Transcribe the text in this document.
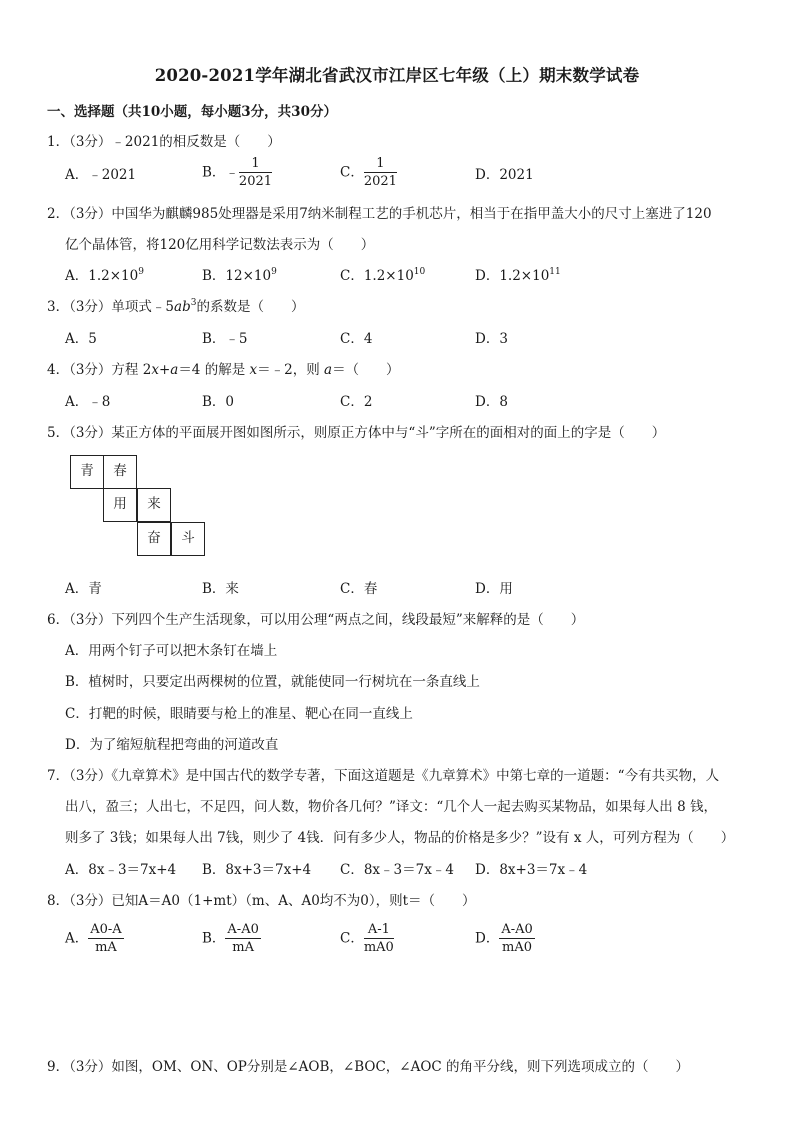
2020-2021学年湖北省武汉市江岸区七年级（上）期末数学试卷
一、选择题（共10小题，每小题3分，共30分）
1．（3分）﹣2021的相反数是（　　）
A．﹣2021	B．﹣ $\frac{1}{2021}$	C． $\frac{1}{2021}$	D．2021
2．（3分）中国华为麒麟985处理器是采用7纳米制程工艺的手机芯片，相当于在指甲盖大小的尺寸上塞进了120
亿个晶体管，将120亿用科学记数法表示为（　　）
A．$1.2\times 10^9$	B．$12\times 10^9$	C．$1.2\times 10^{10}$	D．$1.2\times 10^{11}$
3．（3分）单项式$﹣5ab^3$的系数是（　　）
A．5	B．﹣5	C．4	D．3
4．（3分）方程 2x+a＝4 的解是 x＝﹣2，则 a＝（　　）
A．﹣8	B．0	C．2	D．8
5．（3分）某正方体的平面展开图如图所示，则原正方体中与“斗”字所在的面相对的面上的字是（　　）
青	春
用	来
奋	斗
A．青	B．来	C．春	D．用
6．（3分）下列四个生产生活现象，可以用公理“两点之间，线段最短”来解释的是（　　）
A．用两个钉子可以把木条钉在墙上
B．植树时，只要定出两棵树的位置，就能使同一行树坑在一条直线上
C．打靶的时候，眼睛要与枪上的准星、靶心在同一直线上
D．为了缩短航程把弯曲的河道改直
7．（3分）《九章算术》是中国古代的数学专著，下面这道题是《九章算术》中第七章的一道题：“今有共买物，人
出八，盈三；人出七，不足四，问人数，物价各几何？”译文：“几个人一起去购买某物品，如果每人出 8 钱，
则多了 3钱；如果每人出 7钱，则少了 4钱．问有多少人，物品的价格是多少？”设有 x 人，可列方程为（　　）
A．8x﹣3＝7x+4 B．8x+3＝7x+4 C．8x﹣3＝7x﹣4 D．8x+3＝7x﹣4
8．（3分）已知A＝A0（1+mt）（m、A、A0均不为0），则t＝（　　）
A． $\frac{A0-A}{mA}$	B． $\frac{A-A0}{mA}$	C． $\frac{A-1}{mA0}$	D． $\frac{A-A0}{mA0}$
9．（3分）如图，OM、ON、OP分别是∠AOB，∠BOC，∠AOC 的角平分线，则下列选项成立的（　　）
